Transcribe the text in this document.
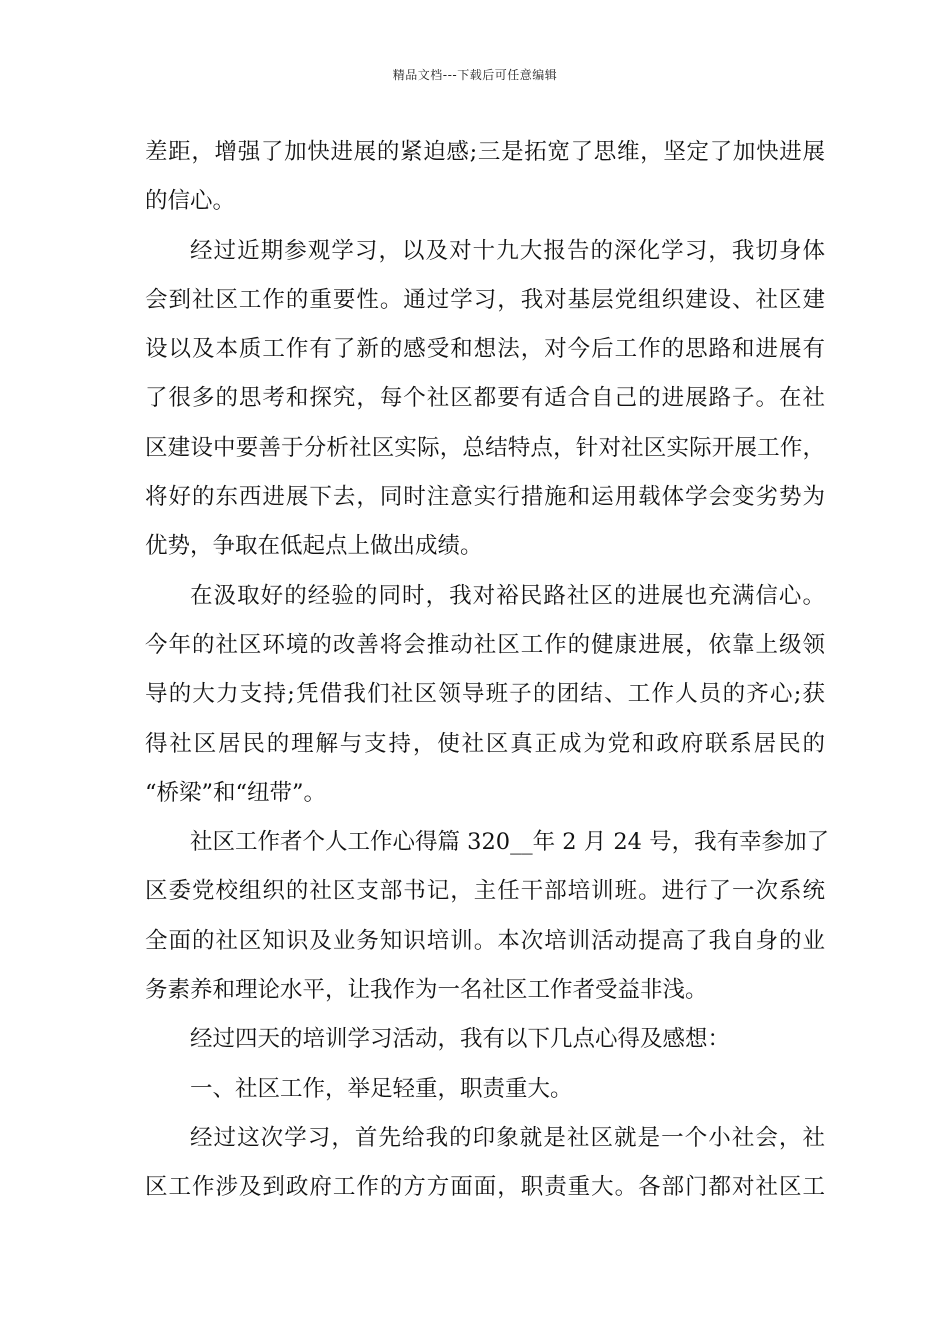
精品文档---下载后可任意编辑
差距，增强了加快进展的紧迫感;三是拓宽了思维，坚定了加快进展
的信心。
经过近期参观学习，以及对十九大报告的深化学习，我切身体
会到社区工作的重要性。通过学习，我对基层党组织建设、社区建
设以及本质工作有了新的感受和想法，对今后工作的思路和进展有
了很多的思考和探究，每个社区都要有适合自己的进展路子。在社
区建设中要善于分析社区实际，总结特点，针对社区实际开展工作，
将好的东西进展下去，同时注意实行措施和运用载体学会变劣势为
优势，争取在低起点上做出成绩。
在汲取好的经验的同时，我对裕民路社区的进展也充满信心。
今年的社区环境的改善将会推动社区工作的健康进展，依靠上级领
导的大力支持;凭借我们社区领导班子的团结、工作人员的齐心;获
得社区居民的理解与支持，使社区真正成为党和政府联系居民的
“桥梁”和“纽带”。
社区工作者个人工作心得篇 320__年 2 月 24 号，我有幸参加了
区委党校组织的社区支部书记，主任干部培训班。进行了一次系统
全面的社区知识及业务知识培训。本次培训活动提高了我自身的业
务素养和理论水平，让我作为一名社区工作者受益非浅。
经过四天的培训学习活动，我有以下几点心得及感想：
一、社区工作，举足轻重，职责重大。
经过这次学习，首先给我的印象就是社区就是一个小社会，社
区工作涉及到政府工作的方方面面，职责重大。各部门都对社区工
